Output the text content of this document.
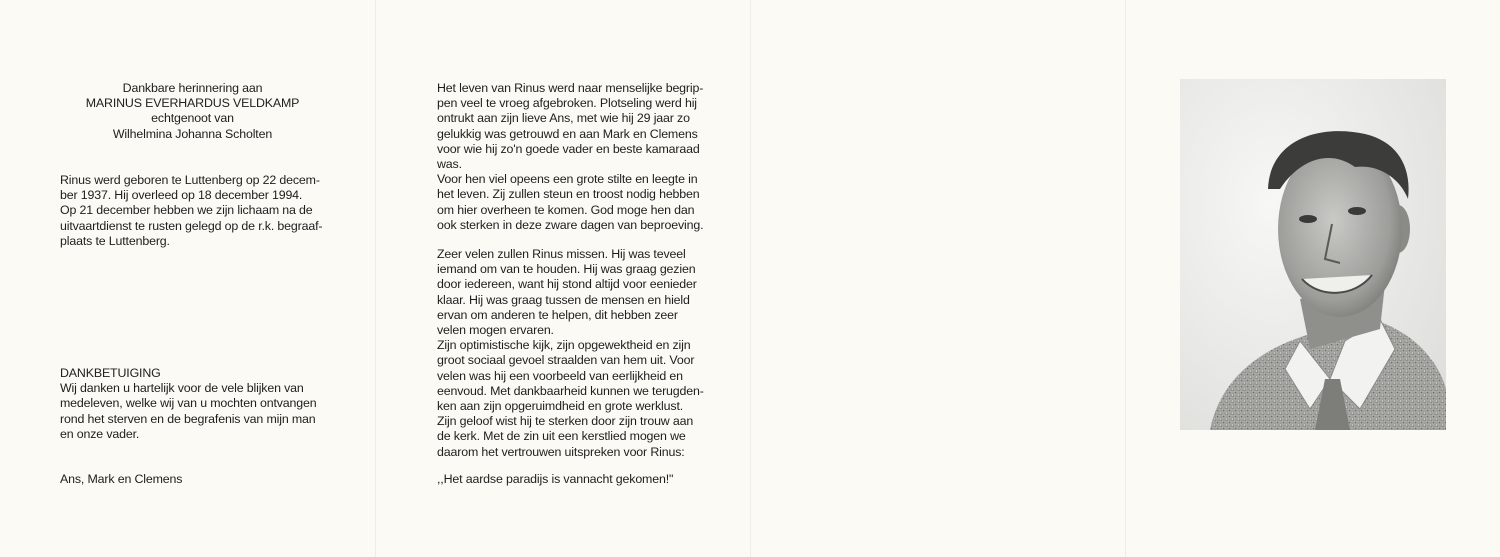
Dankbare herinnering aan
MARINUS EVERHARDUS VELDKAMP
echtgenoot van
Wilhelmina Johanna Scholten
Rinus werd geboren te Luttenberg op 22 decem-
ber 1937. Hij overleed op 18 december 1994.
Op 21 december hebben we zijn lichaam na de
uitvaartdienst te rusten gelegd op de r.k. begraaf-
plaats te Luttenberg.
DANKBETUIGING
Wij danken u hartelijk voor de vele blijken van
medeleven, welke wij van u mochten ontvangen
rond het sterven en de begrafenis van mijn man
en onze vader.
Ans, Mark en Clemens
Het leven van Rinus werd naar menselijke begrip-
pen veel te vroeg afgebroken. Plotseling werd hij
ontrukt aan zijn lieve Ans, met wie hij 29 jaar zo
gelukkig was getrouwd en aan Mark en Clemens
voor wie hij zo'n goede vader en beste kamaraad
was.
Voor hen viel opeens een grote stilte en leegte in
het leven. Zij zullen steun en troost nodig hebben
om hier overheen te komen. God moge hen dan
ook sterken in deze zware dagen van beproeving.
Zeer velen zullen Rinus missen. Hij was teveel
iemand om van te houden. Hij was graag gezien
door iedereen, want hij stond altijd voor eenieder
klaar. Hij was graag tussen de mensen en hield
ervan om anderen te helpen, dit hebben zeer
velen mogen ervaren.
Zijn optimistische kijk, zijn opgewektheid en zijn
groot sociaal gevoel straalden van hem uit. Voor
velen was hij een voorbeeld van eerlijkheid en
eenvoud. Met dankbaarheid kunnen we terugden-
ken aan zijn opgeruimdheid en grote werklust.
Zijn geloof wist hij te sterken door zijn trouw aan
de kerk. Met de zin uit een kerstlied mogen we
daarom het vertrouwen uitspreken voor Rinus:
,,Het aardse paradijs is vannacht gekomen!"
